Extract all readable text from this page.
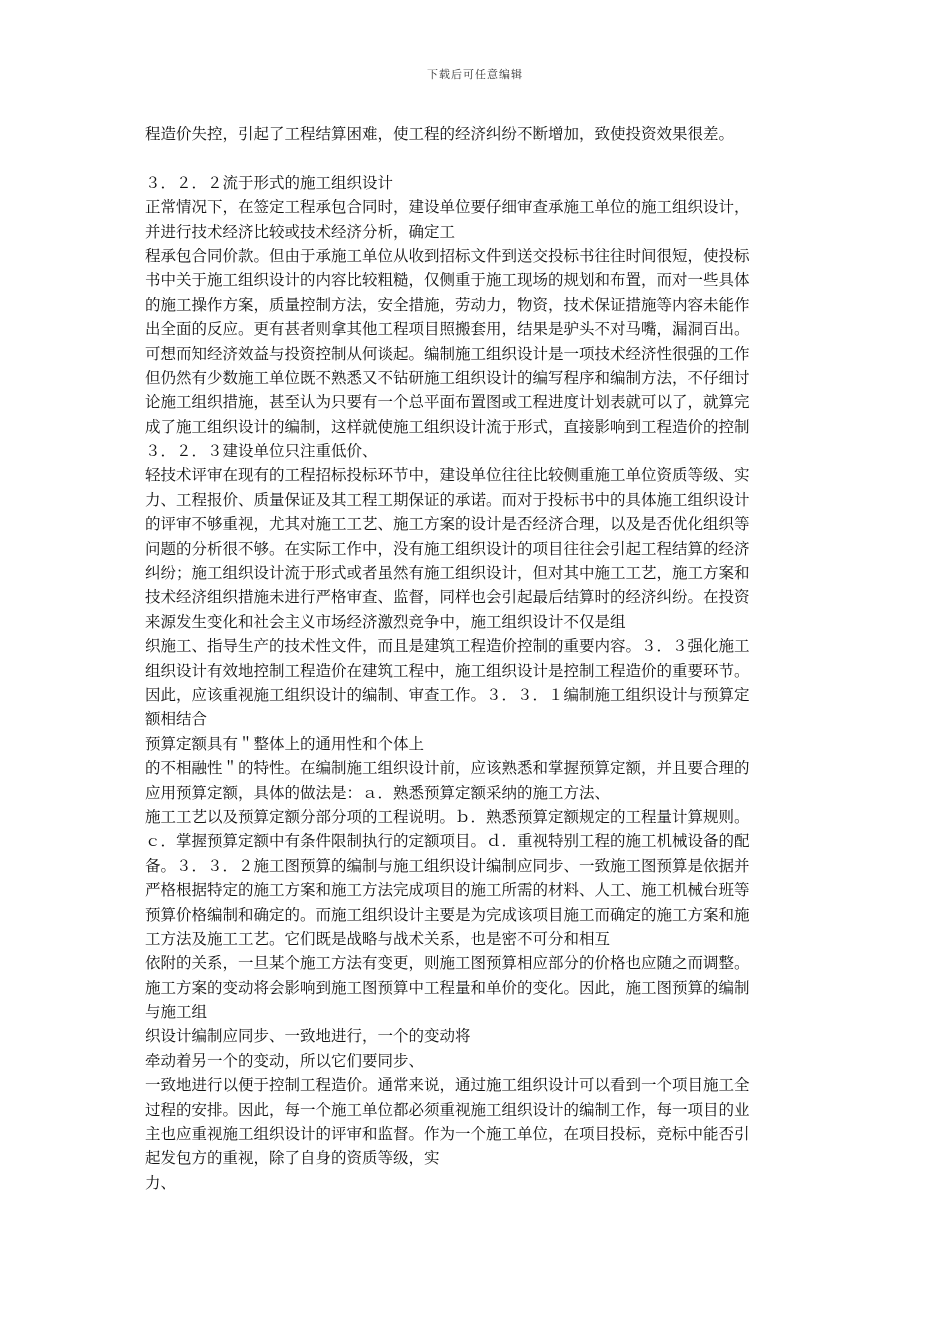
下载后可任意编辑
程造价失控，引起了工程结算困难，使工程的经济纠纷不断增加，致使投资效果很差。
３．２．２流于形式的施工组织设计
正常情况下，在签定工程承包合同时，建设单位要仔细审查承施工单位的施工组织设计，
并进行技术经济比较或技术经济分析，确定工
程承包合同价款。但由于承施工单位从收到招标文件到送交投标书往往时间很短，使投标
书中关于施工组织设计的内容比较粗糙，仅侧重于施工现场的规划和布置，而对一些具体
的施工操作方案，质量控制方法，安全措施，劳动力，物资，技术保证措施等内容未能作
出全面的反应。更有甚者则拿其他工程项目照搬套用，结果是驴头不对马嘴，漏洞百出。
可想而知经济效益与投资控制从何谈起。编制施工组织设计是一项技术经济性很强的工作
但仍然有少数施工单位既不熟悉又不钻研施工组织设计的编写程序和编制方法，不仔细讨
论施工组织措施，甚至认为只要有一个总平面布置图或工程进度计划表就可以了，就算完
成了施工组织设计的编制，这样就使施工组织设计流于形式，直接影响到工程造价的控制
３．２．３建设单位只注重低价、
轻技术评审在现有的工程招标投标环节中，建设单位往往比较侧重施工单位资质等级、实
力、工程报价、质量保证及其工程工期保证的承诺。而对于投标书中的具体施工组织设计
的评审不够重视，尤其对施工工艺、施工方案的设计是否经济合理，以及是否优化组织等
问题的分析很不够。在实际工作中，没有施工组织设计的项目往往会引起工程结算的经济
纠纷；施工组织设计流于形式或者虽然有施工组织设计，但对其中施工工艺，施工方案和
技术经济组织措施未进行严格审查、监督，同样也会引起最后结算时的经济纠纷。在投资
来源发生变化和社会主义市场经济激烈竞争中，施工组织设计不仅是组
织施工、指导生产的技术性文件，而且是建筑工程造价控制的重要内容。３．３强化施工
组织设计有效地控制工程造价在建筑工程中，施工组织设计是控制工程造价的重要环节。
因此，应该重视施工组织设计的编制、审查工作。３．３．１编制施工组织设计与预算定
额相结合
预算定额具有＂整体上的通用性和个体上
的不相融性＂的特性。在编制施工组织设计前，应该熟悉和掌握预算定额，并且要合理的
应用预算定额，具体的做法是：ａ．熟悉预算定额采纳的施工方法、
施工工艺以及预算定额分部分项的工程说明。ｂ．熟悉预算定额规定的工程量计算规则。
ｃ．掌握预算定额中有条件限制执行的定额项目。ｄ．重视特别工程的施工机械设备的配
备。３．３．２施工图预算的编制与施工组织设计编制应同步、一致施工图预算是依据并
严格根据特定的施工方案和施工方法完成项目的施工所需的材料、人工、施工机械台班等
预算价格编制和确定的。而施工组织设计主要是为完成该项目施工而确定的施工方案和施
工方法及施工工艺。它们既是战略与战术关系，也是密不可分和相互
依附的关系，一旦某个施工方法有变更，则施工图预算相应部分的价格也应随之而调整。
施工方案的变动将会影响到施工图预算中工程量和单价的变化。因此，施工图预算的编制
与施工组
织设计编制应同步、一致地进行，一个的变动将
牵动着另一个的变动，所以它们要同步、
一致地进行以便于控制工程造价。通常来说，通过施工组织设计可以看到一个项目施工全
过程的安排。因此，每一个施工单位都必须重视施工组织设计的编制工作，每一项目的业
主也应重视施工组织设计的评审和监督。作为一个施工单位，在项目投标，竞标中能否引
起发包方的重视，除了自身的资质等级，实
力、
